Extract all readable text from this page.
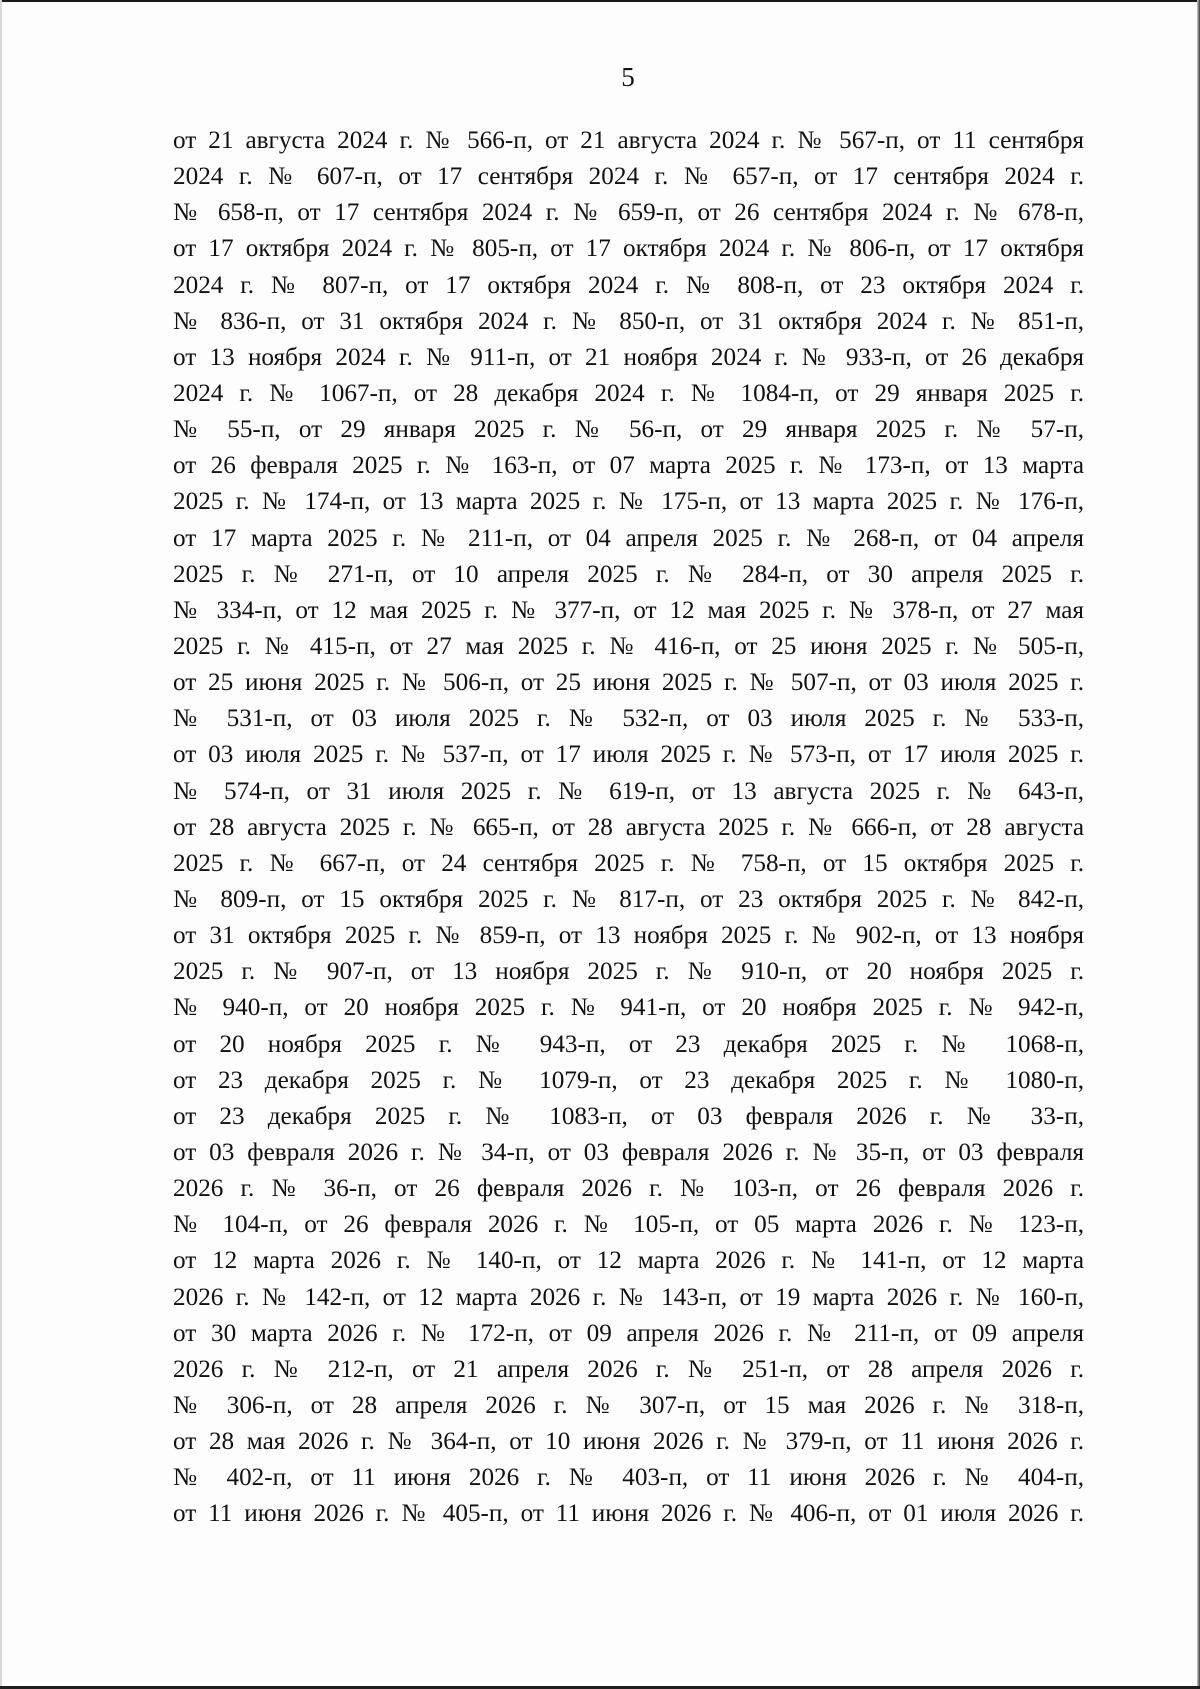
5
от 21 августа 2024 г. № 566-п, от 21 августа 2024 г. № 567-п, от 11 сентября
2024 г. № 607-п, от 17 сентября 2024 г. № 657-п, от 17 сентября 2024 г.
№ 658-п, от 17 сентября 2024 г. № 659-п, от 26 сентября 2024 г. № 678-п,
от 17 октября 2024 г. № 805-п, от 17 октября 2024 г. № 806-п, от 17 октября
2024 г. № 807-п, от 17 октября 2024 г. № 808-п, от 23 октября 2024 г.
№ 836-п, от 31 октября 2024 г. № 850-п, от 31 октября 2024 г. № 851-п,
от 13 ноября 2024 г. № 911-п, от 21 ноября 2024 г. № 933-п, от 26 декабря
2024 г. № 1067-п, от 28 декабря 2024 г. № 1084-п, от 29 января 2025 г.
№ 55-п, от 29 января 2025 г. № 56-п, от 29 января 2025 г. № 57-п,
от 26 февраля 2025 г. № 163-п, от 07 марта 2025 г. № 173-п, от 13 марта
2025 г. № 174-п, от 13 марта 2025 г. № 175-п, от 13 марта 2025 г. № 176-п,
от 17 марта 2025 г. № 211-п, от 04 апреля 2025 г. № 268-п, от 04 апреля
2025 г. № 271-п, от 10 апреля 2025 г. № 284-п, от 30 апреля 2025 г.
№ 334-п, от 12 мая 2025 г. № 377-п, от 12 мая 2025 г. № 378-п, от 27 мая
2025 г. № 415-п, от 27 мая 2025 г. № 416-п, от 25 июня 2025 г. № 505-п,
от 25 июня 2025 г. № 506-п, от 25 июня 2025 г. № 507-п, от 03 июля 2025 г.
№ 531-п, от 03 июля 2025 г. № 532-п, от 03 июля 2025 г. № 533-п,
от 03 июля 2025 г. № 537-п, от 17 июля 2025 г. № 573-п, от 17 июля 2025 г.
№ 574-п, от 31 июля 2025 г. № 619-п, от 13 августа 2025 г. № 643-п,
от 28 августа 2025 г. № 665-п, от 28 августа 2025 г. № 666-п, от 28 августа
2025 г. № 667-п, от 24 сентября 2025 г. № 758-п, от 15 октября 2025 г.
№ 809-п, от 15 октября 2025 г. № 817-п, от 23 октября 2025 г. № 842-п,
от 31 октября 2025 г. № 859-п, от 13 ноября 2025 г. № 902-п, от 13 ноября
2025 г. № 907-п, от 13 ноября 2025 г. № 910-п, от 20 ноября 2025 г.
№ 940-п, от 20 ноября 2025 г. № 941-п, от 20 ноября 2025 г. № 942-п,
от 20 ноября 2025 г. № 943-п, от 23 декабря 2025 г. № 1068-п,
от 23 декабря 2025 г. № 1079-п, от 23 декабря 2025 г. № 1080-п,
от 23 декабря 2025 г. № 1083-п, от 03 февраля 2026 г. № 33-п,
от 03 февраля 2026 г. № 34-п, от 03 февраля 2026 г. № 35-п, от 03 февраля
2026 г. № 36-п, от 26 февраля 2026 г. № 103-п, от 26 февраля 2026 г.
№ 104-п, от 26 февраля 2026 г. № 105-п, от 05 марта 2026 г. № 123-п,
от 12 марта 2026 г. № 140-п, от 12 марта 2026 г. № 141-п, от 12 марта
2026 г. № 142-п, от 12 марта 2026 г. № 143-п, от 19 марта 2026 г. № 160-п,
от 30 марта 2026 г. № 172-п, от 09 апреля 2026 г. № 211-п, от 09 апреля
2026 г. № 212-п, от 21 апреля 2026 г. № 251-п, от 28 апреля 2026 г.
№ 306-п, от 28 апреля 2026 г. № 307-п, от 15 мая 2026 г. № 318-п,
от 28 мая 2026 г. № 364-п, от 10 июня 2026 г. № 379-п, от 11 июня 2026 г.
№ 402-п, от 11 июня 2026 г. № 403-п, от 11 июня 2026 г. № 404-п,
от 11 июня 2026 г. № 405-п, от 11 июня 2026 г. № 406-п, от 01 июля 2026 г.
